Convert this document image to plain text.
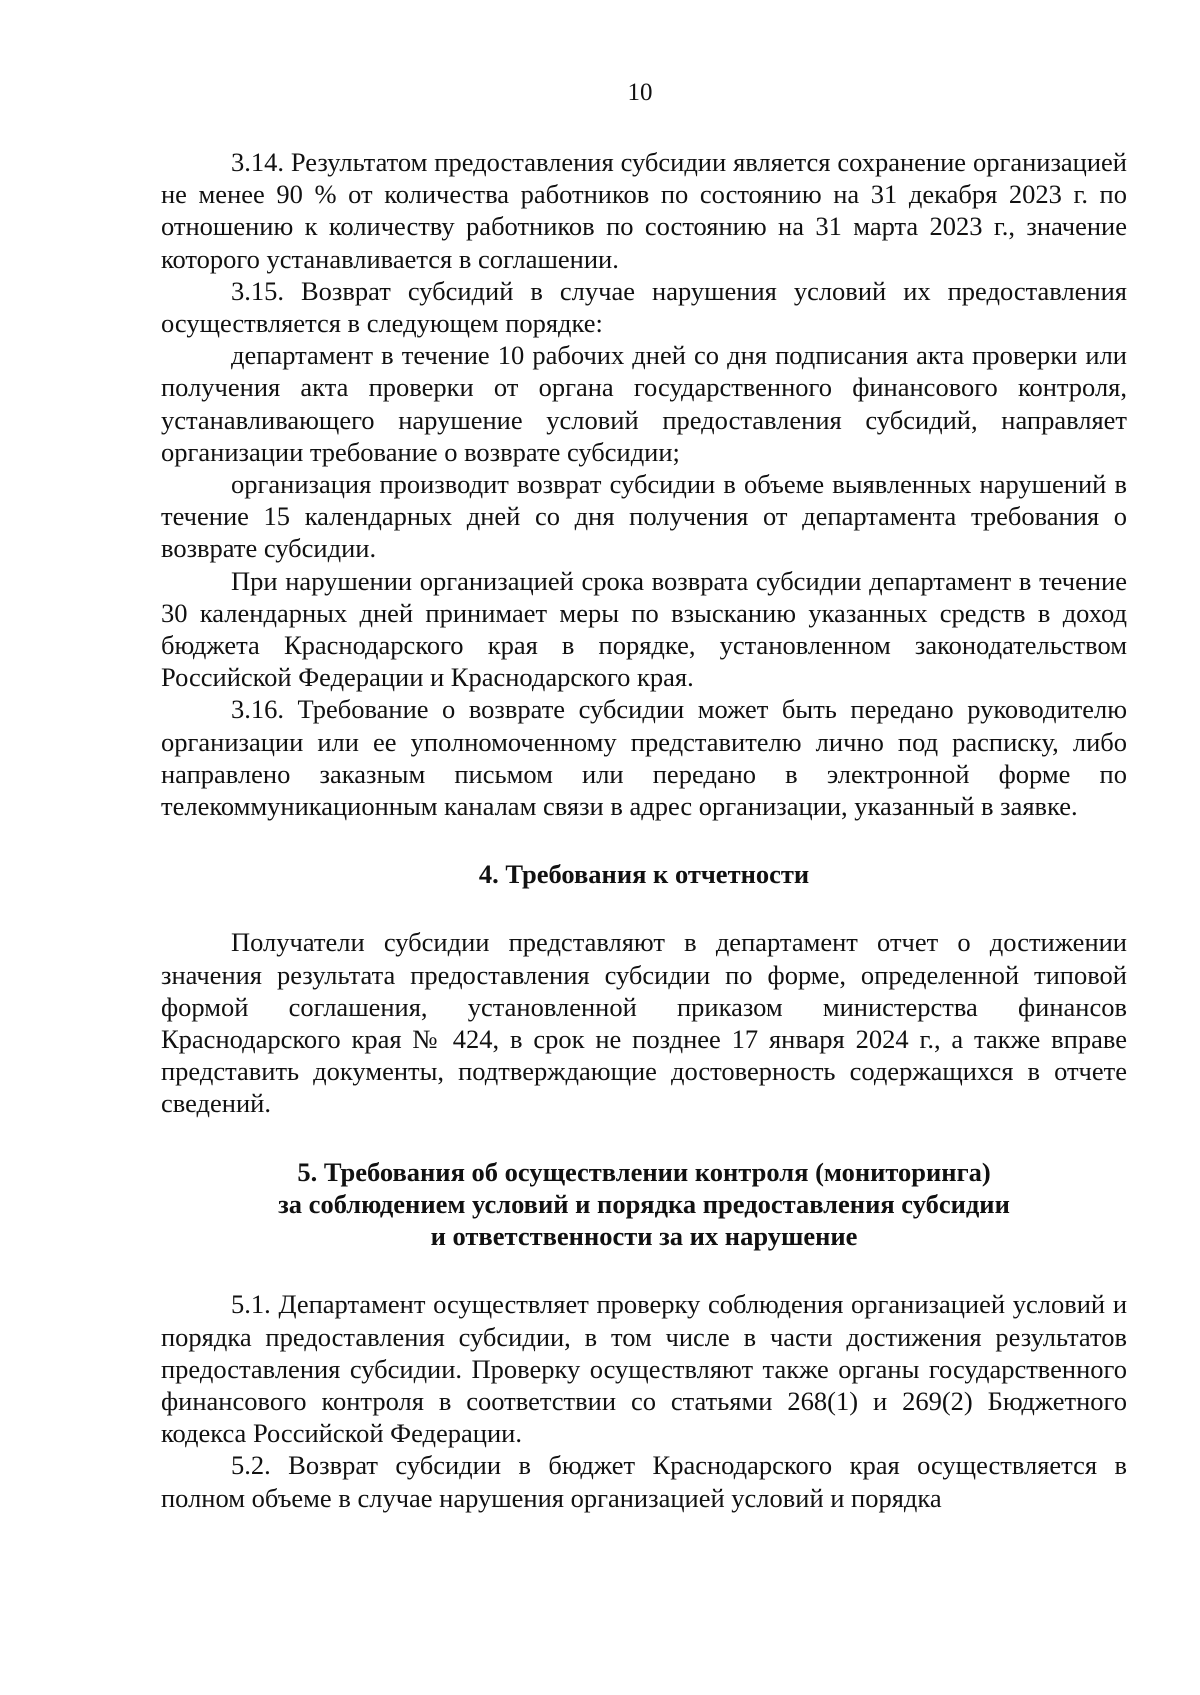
10

3.14. Результатом предоставления субсидии является сохранение организацией не менее 90 % от количества работников по состоянию на 31 декабря 2023 г. по отношению к количеству работников по состоянию на 31 марта 2023 г., значение которого устанавливается в соглашении.

3.15. Возврат субсидий в случае нарушения условий их предоставления осуществляется в следующем порядке:

департамент в течение 10 рабочих дней со дня подписания акта проверки или получения акта проверки от органа государственного финансового контроля, устанавливающего нарушение условий предоставления субсидий, направляет организации требование о возврате субсидии;

организация производит возврат субсидии в объеме выявленных нарушений в течение 15 календарных дней со дня получения от департамента требования о возврате субсидии.

При нарушении организацией срока возврата субсидии департамент в течение 30 календарных дней принимает меры по взысканию указанных средств в доход бюджета Краснодарского края в порядке, установленном законодательством Российской Федерации и Краснодарского края.

3.16. Требование о возврате субсидии может быть передано руководителю организации или ее уполномоченному представителю лично под расписку, либо направлено заказным письмом или передано в электронной форме по телекоммуникационным каналам связи в адрес организации, указанный в заявке.

4. Требования к отчетности

Получатели субсидии представляют в департамент отчет о достижении значения результата предоставления субсидии по форме, определенной типовой формой соглашения, установленной приказом министерства финансов Краснодарского края № 424, в срок не позднее 17 января 2024 г., а также вправе представить документы, подтверждающие достоверность содержащихся в отчете сведений.

5. Требования об осуществлении контроля (мониторинга)
за соблюдением условий и порядка предоставления субсидии
и ответственности за их нарушение

5.1. Департамент осуществляет проверку соблюдения организацией условий и порядка предоставления субсидии, в том числе в части достижения результатов предоставления субсидии. Проверку осуществляют также органы государственного финансового контроля в соответствии со статьями 268(1) и 269(2) Бюджетного кодекса Российской Федерации.

5.2. Возврат субсидии в бюджет Краснодарского края осуществляется в полном объеме в случае нарушения организацией условий и порядка
